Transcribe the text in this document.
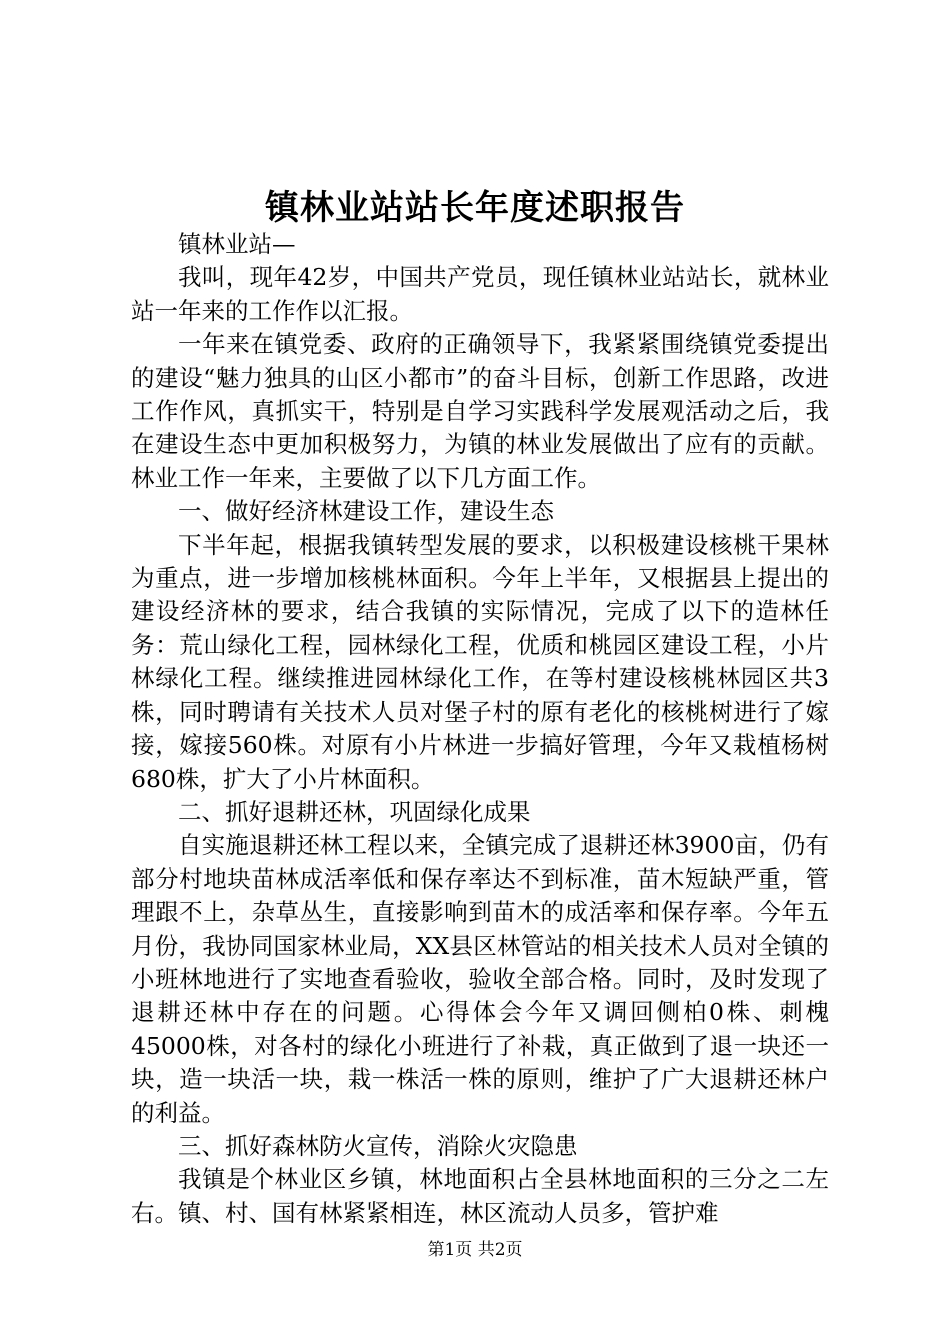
镇林业站站长年度述职报告

镇林业站—

我叫，现年42岁，中国共产党员，现任镇林业站站长，就林业站一年来的工作作以汇报。

一年来在镇党委、政府的正确领导下，我紧紧围绕镇党委提出的建设“魅力独具的山区小都市”的奋斗目标，创新工作思路，改进工作作风，真抓实干，特别是自学习实践科学发展观活动之后，我在建设生态中更加积极努力，为镇的林业发展做出了应有的贡献。林业工作一年来，主要做了以下几方面工作。

一、做好经济林建设工作，建设生态

下半年起，根据我镇转型发展的要求，以积极建设核桃干果林为重点，进一步增加核桃林面积。今年上半年，又根据县上提出的建设经济林的要求，结合我镇的实际情况，完成了以下的造林任务：荒山绿化工程，园林绿化工程，优质和桃园区建设工程，小片林绿化工程。继续推进园林绿化工作，在等村建设核桃林园区共3株，同时聘请有关技术人员对堡子村的原有老化的核桃树进行了嫁接，嫁接560株。对原有小片林进一步搞好管理，今年又栽植杨树680株，扩大了小片林面积。

二、抓好退耕还林，巩固绿化成果

自实施退耕还林工程以来，全镇完成了退耕还林3900亩，仍有部分村地块苗林成活率低和保存率达不到标准，苗木短缺严重，管理跟不上，杂草丛生，直接影响到苗木的成活率和保存率。今年五月份，我协同国家林业局，XX县区林管站的相关技术人员对全镇的小班林地进行了实地查看验收，验收全部合格。同时，及时发现了退耕还林中存在的问题。心得体会今年又调回侧柏0株、刺槐45000株，对各村的绿化小班进行了补栽，真正做到了退一块还一块，造一块活一块，栽一株活一株的原则，维护了广大退耕还林户的利益。

三、抓好森林防火宣传，消除火灾隐患

我镇是个林业区乡镇，林地面积占全县林地面积的三分之二左右。镇、村、国有林紧紧相连，林区流动人员多，管护难

第1页 共2页
